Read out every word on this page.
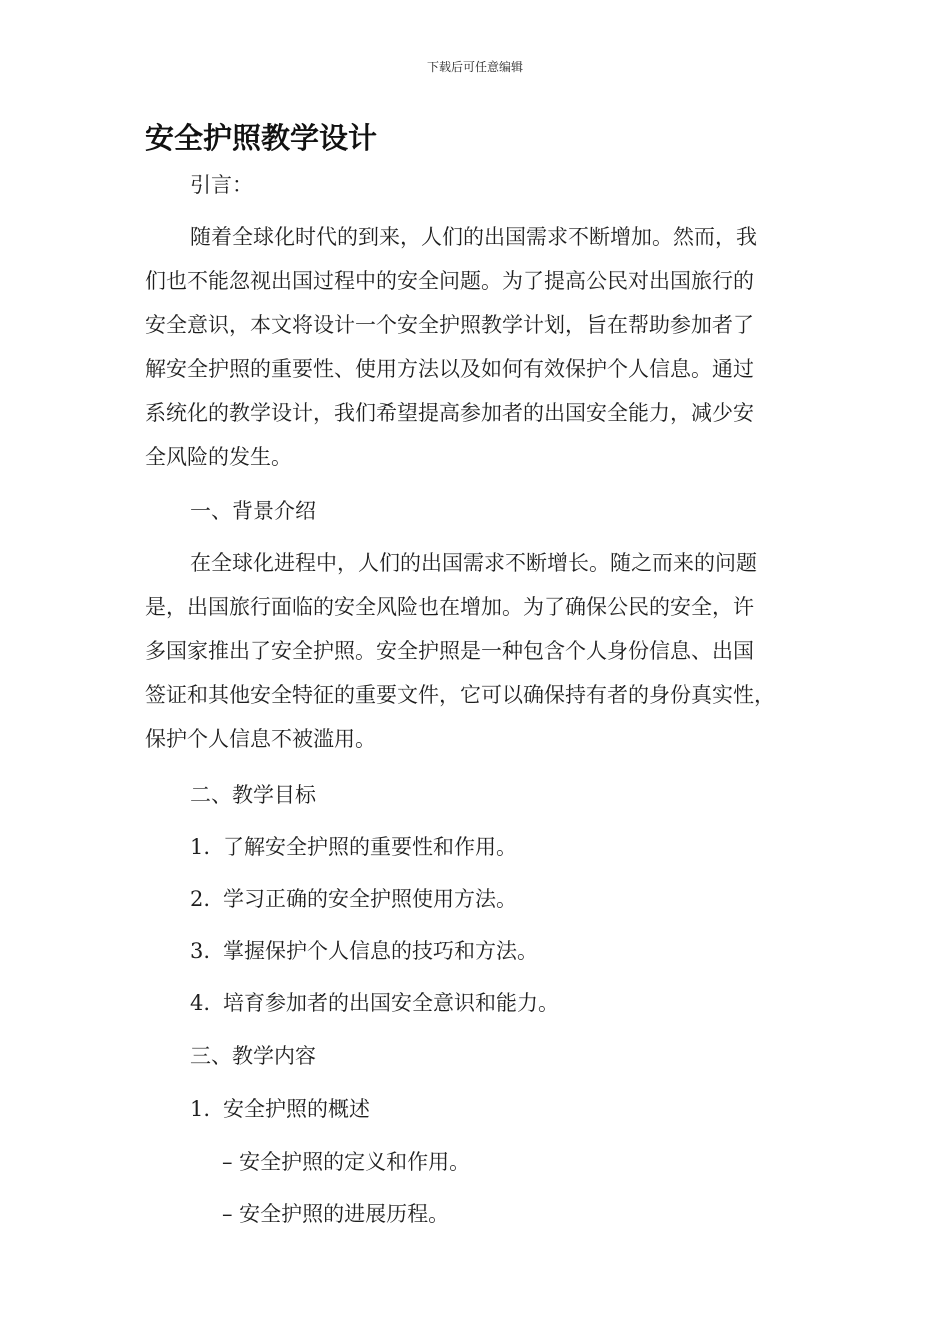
下载后可任意编辑
安全护照教学设计
引言：
随着全球化时代的到来，人们的出国需求不断增加。然而，我
们也不能忽视出国过程中的安全问题。为了提高公民对出国旅行的
安全意识，本文将设计一个安全护照教学计划，旨在帮助参加者了
解安全护照的重要性、使用方法以及如何有效保护个人信息。通过
系统化的教学设计，我们希望提高参加者的出国安全能力，减少安
全风险的发生。
一、背景介绍
在全球化进程中，人们的出国需求不断增长。随之而来的问题
是，出国旅行面临的安全风险也在增加。为了确保公民的安全，许
多国家推出了安全护照。安全护照是一种包含个人身份信息、出国
签证和其他安全特征的重要文件，它可以确保持有者的身份真实性，
保护个人信息不被滥用。
二、教学目标
1. 了解安全护照的重要性和作用。
2. 学习正确的安全护照使用方法。
3. 掌握保护个人信息的技巧和方法。
4. 培育参加者的出国安全意识和能力。
三、教学内容
1. 安全护照的概述
– 安全护照的定义和作用。
– 安全护照的进展历程。
